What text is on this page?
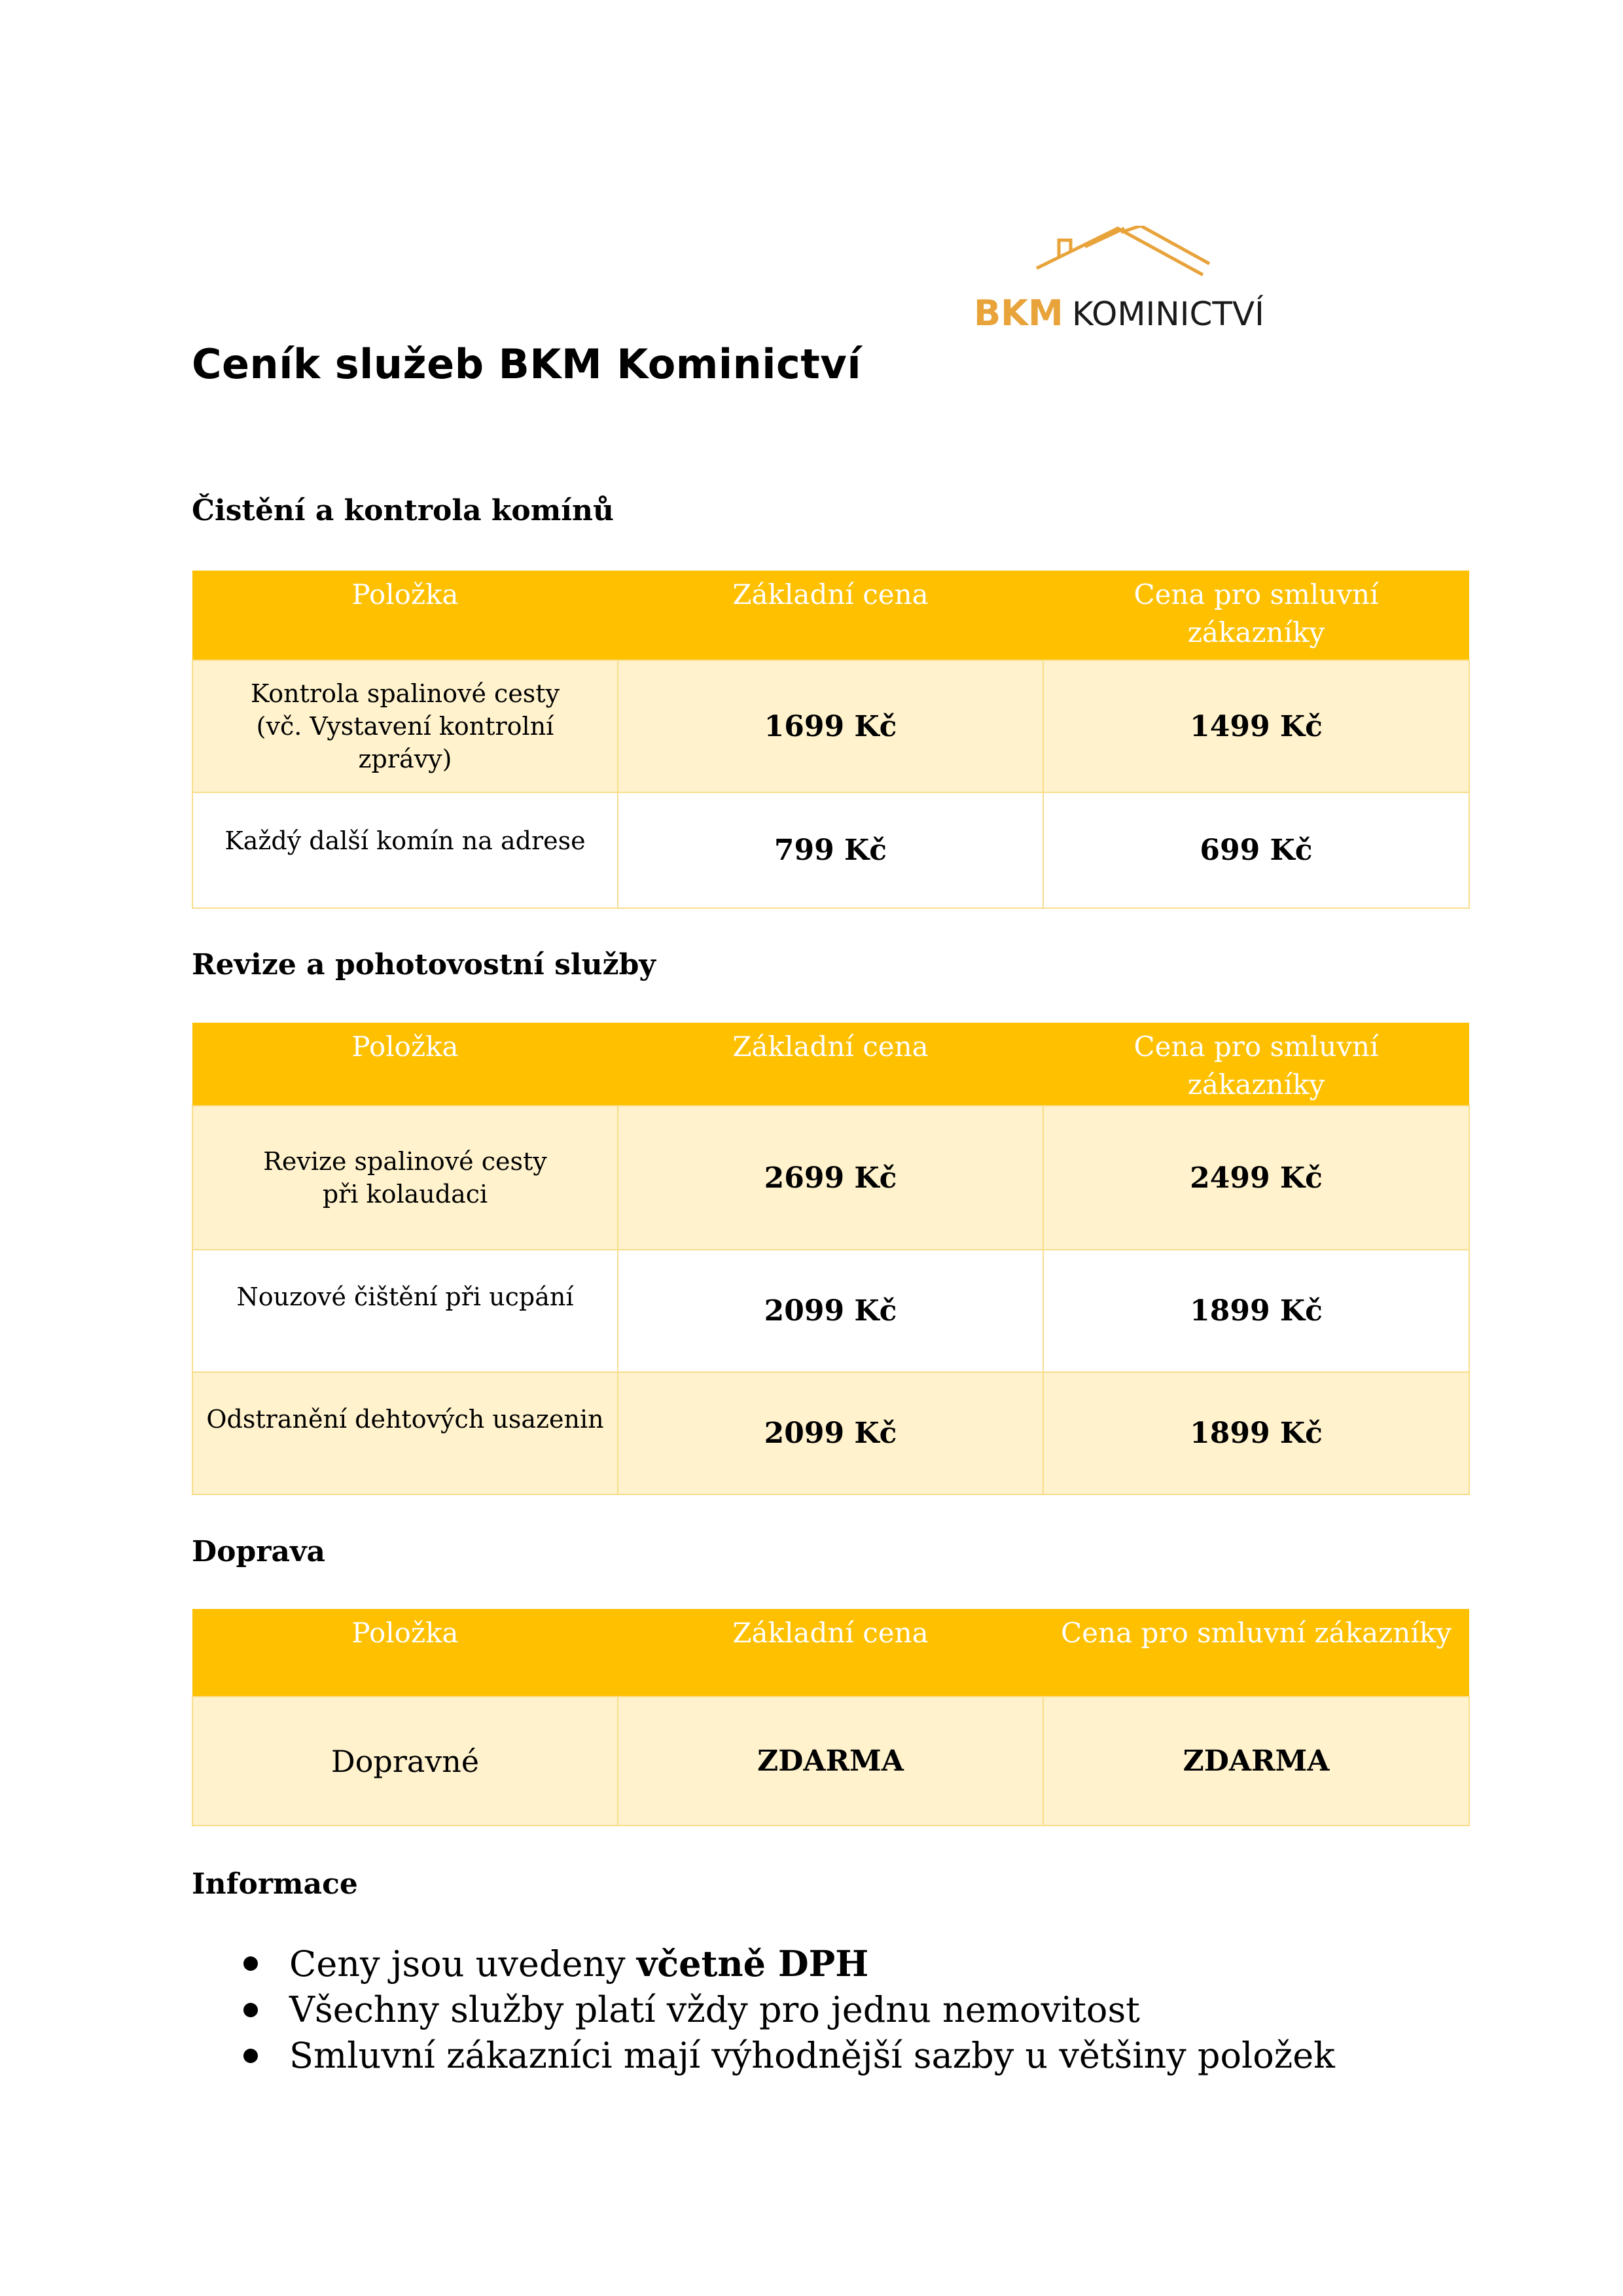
BKM KOMINICTVÍ
Ceník služeb BKM Kominictví
Čistění a kontrola komínů
Položka	Základní cena	Cena pro smluvní zákazníky

Kontrola spalinové cesty (vč. Vystavení kontrolní zprávy)	1699 Kč	1499 Kč

Každý další komín na adrese	799 Kč	699 Kč
Revize a pohotovostní služby
Položka	Základní cena	Cena pro smluvní zákazníky

Revize spalinové cesty při kolaudaci	2699 Kč	2499 Kč

Nouzové čištění při ucpání	2099 Kč	1899 Kč

Odstranění dehtových usazenin	2099 Kč	1899 Kč
Doprava
Položka	Základní cena	Cena pro smluvní zákazníky

Dopravné	ZDARMA	ZDARMA
Informace
Ceny jsou uvedeny včetně DPH
Všechny služby platí vždy pro jednu nemovitost
Smluvní zákazníci mají výhodnější sazby u většiny položek
